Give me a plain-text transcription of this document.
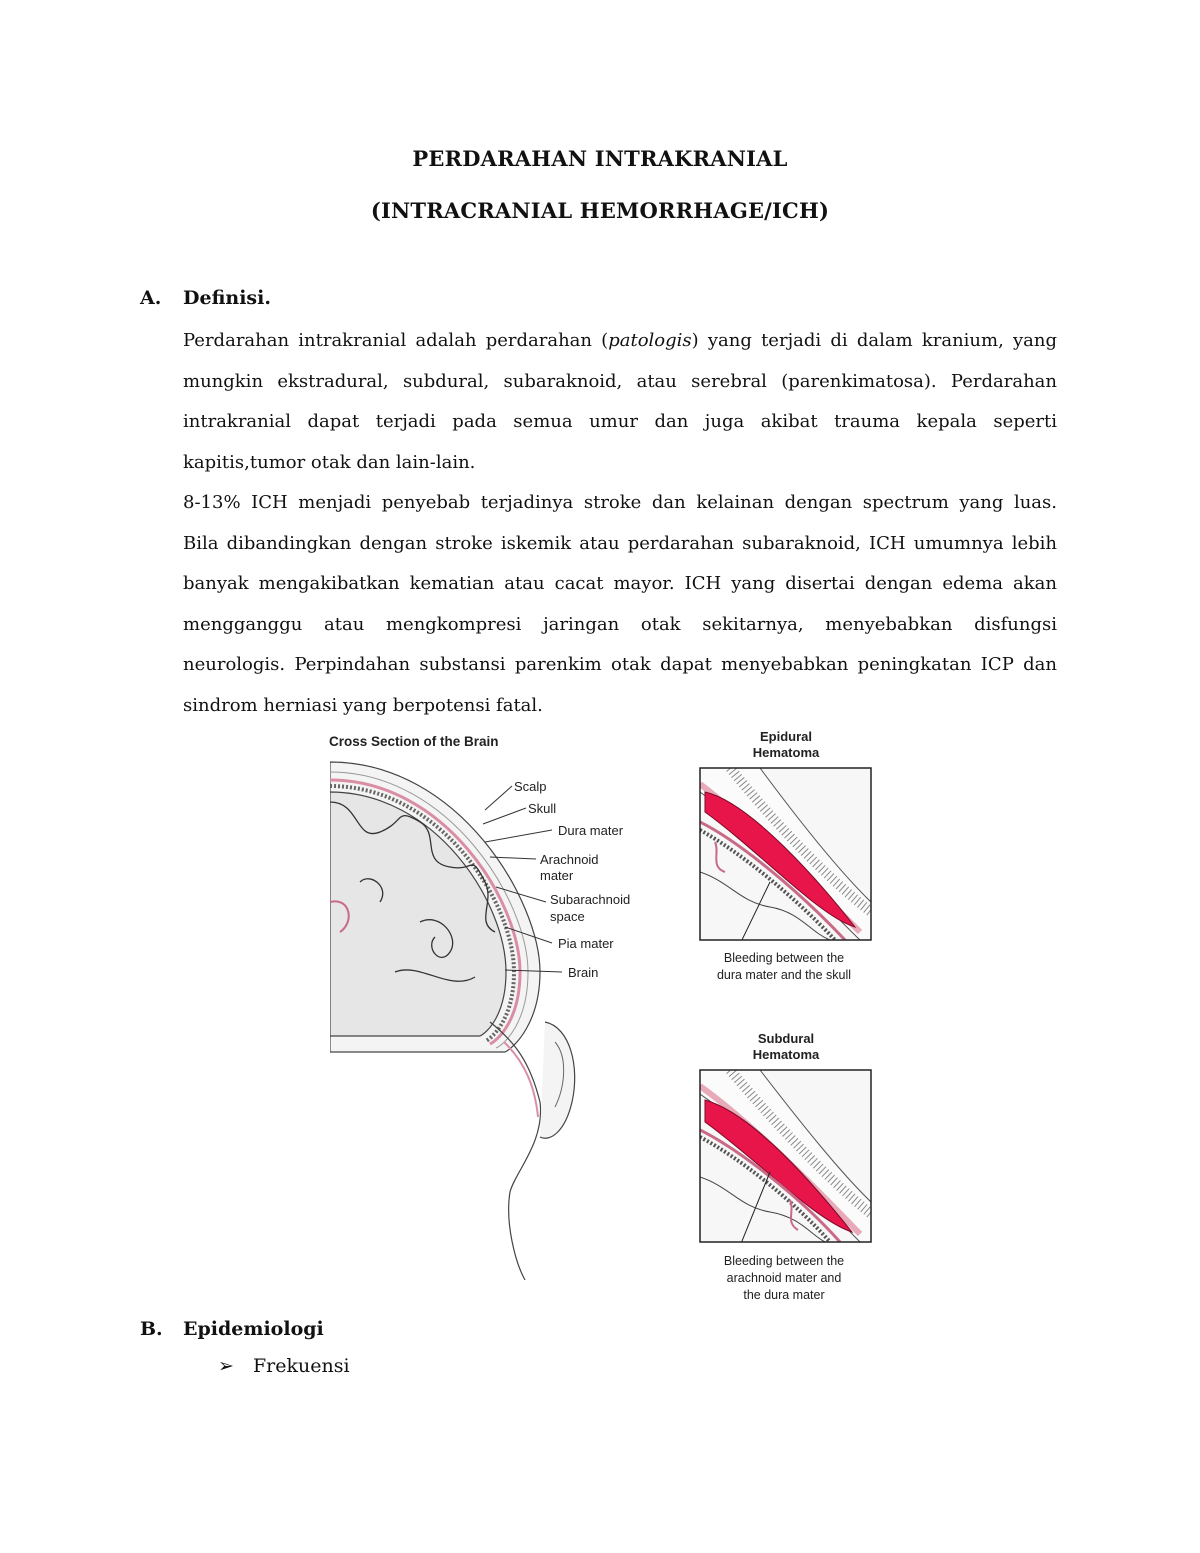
PERDARAHAN INTRAKRANIAL
(INTRACRANIAL HEMORRHAGE/ICH)
A. Definisi.
Perdarahan intrakranial adalah perdarahan (patologis) yang terjadi di dalam kranium, yang
mungkin ekstradural, subdural, subaraknoid, atau serebral (parenkimatosa). Perdarahan
intrakranial dapat terjadi pada semua umur dan juga akibat trauma kepala seperti
kapitis,tumor otak dan lain-lain.
8-13% ICH menjadi penyebab terjadinya stroke dan kelainan dengan spectrum yang luas.
Bila dibandingkan dengan stroke iskemik atau perdarahan subaraknoid, ICH umumnya lebih
banyak mengakibatkan kematian atau cacat mayor. ICH yang disertai dengan edema akan
mengganggu atau mengkompresi jaringan otak sekitarnya, menyebabkan disfungsi
neurologis. Perpindahan substansi parenkim otak dapat menyebabkan peningkatan ICP dan
sindrom herniasi yang berpotensi fatal.
Cross Section of the Brain
Scalp
Skull
Dura mater
Arachnoid
mater
Subarachnoid
space
Pia mater
Brain
Epidural
Hematoma
Bleeding between the
dura mater and the skull
Subdural
Hematoma
Bleeding between the
arachnoid mater and
the dura mater
B. Epidemiologi
➢ Frekuensi
